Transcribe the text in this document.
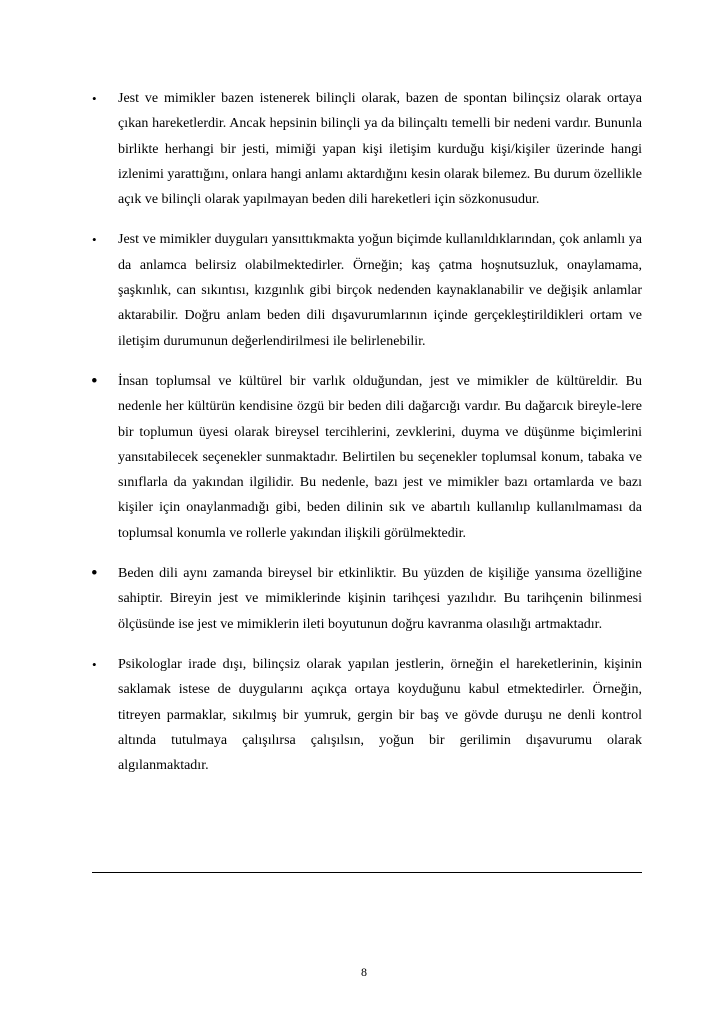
• Jest ve mimikler bazen istenerek bilinçli olarak, bazen de spontan bilinçsiz olarak ortaya çıkan hareketlerdir. Ancak hepsinin bilinçli ya da bilinçaltı temelli bir nedeni vardır. Bununla birlikte herhangi bir jesti, mimiği yapan kişi iletişim kurduğu kişi/kişiler üzerinde hangi izlenimi yarattığını, onlara hangi anlamı aktardığını kesin olarak bilemez. Bu durum özellikle açık ve bilinçli olarak yapılmayan beden dili hareketleri için sözkonusudur.
• Jest ve mimikler duyguları yansıttıkmakta yoğun biçimde kullanıldıklarından, çok anlamlı ya da anlamca belirsiz olabilmektedirler. Örneğin; kaş çatma hoşnutsuzluk, onaylamama, şaşkınlık, can sıkıntısı, kızgınlık gibi birçok nedenden kaynaklanabilir ve değişik anlamlar aktarabilir. Doğru anlam beden dili dışavurumlarının içinde gerçekleştirildikleri ortam ve iletişim durumunun değerlendirilmesi ile belirlenebilir.
• İnsan toplumsal ve kültürel bir varlık olduğundan, jest ve mimikler de kültüreldir. Bu nedenle her kültürün kendisine özgü bir beden dili dağarcığı vardır. Bu dağarcık bireyle-lere bir toplumun üyesi olarak bireysel tercihlerini, zevklerini, duyma ve düşünme biçimlerini yansıtabilecek seçenekler sunmaktadır. Belirtilen bu seçenekler toplumsal konum, tabaka ve sınıflarla da yakından ilgilidir. Bu nedenle, bazı jest ve mimikler bazı ortamlarda ve bazı kişiler için onaylanmadığı gibi, beden dilinin sık ve abartılı kullanılıp kullanılmaması da toplumsal konumla ve rollerle yakından ilişkili görülmektedir.
• Beden dili aynı zamanda bireysel bir etkinliktir. Bu yüzden de kişiliğe yansıma özelliğine sahiptir. Bireyin jest ve mimiklerinde kişinin tarihçesi yazılıdır. Bu tarihçenin bilinmesi ölçüsünde ise jest ve mimiklerin ileti boyutunun doğru kavranma olasılığı artmaktadır.
• Psikologlar irade dışı, bilinçsiz olarak yapılan jestlerin, örneğin el hareketlerinin, kişinin saklamak istese de duygularını açıkça ortaya koyduğunu kabul etmektedirler. Örneğin, titreyen parmaklar, sıkılmış bir yumruk, gergin bir baş ve gövde duruşu ne denli kontrol altında tutulmaya çalışılırsa çalışılsın, yoğun bir gerilimin dışavurumu olarak algılanmaktadır.
8
